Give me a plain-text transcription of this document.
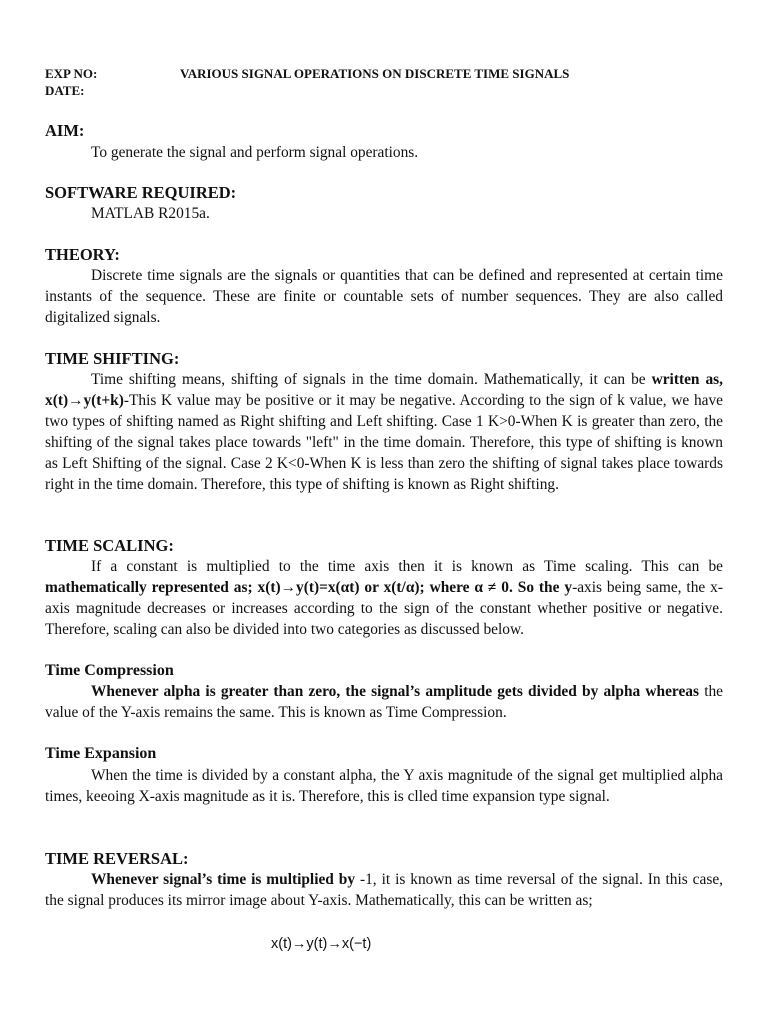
EXP NO:	VARIOUS SIGNAL OPERATIONS ON DISCRETE TIME SIGNALS
DATE:
AIM:

To generate the signal and perform signal operations.

SOFTWARE REQUIRED:

MATLAB R2015a.

THEORY:

Discrete time signals are the signals or quantities that can be defined and represented at certain time instants of the sequence. These are finite or countable sets of number sequences. They are also called digitalized signals.

TIME SHIFTING:

Time shifting means, shifting of signals in the time domain. Mathematically, it can be written as, x(t)→y(t+k)-This K value may be positive or it may be negative. According to the sign of k value, we have two types of shifting named as Right shifting and Left shifting. Case 1 K>0-When K is greater than zero, the shifting of the signal takes place towards "left" in the time domain. Therefore, this type of shifting is known as Left Shifting of the signal. Case 2 K<0-When K is less than zero the shifting of signal takes place towards right in the time domain. Therefore, this type of shifting is known as Right shifting.

TIME SCALING:

If a constant is multiplied to the time axis then it is known as Time scaling. This can be mathematically represented as; x(t)→y(t)=x(αt) or x(t/α); where α ≠ 0. So the y-axis being same, the x- axis magnitude decreases or increases according to the sign of the constant whether positive or negative. Therefore, scaling can also be divided into two categories as discussed below.

Time Compression

Whenever alpha is greater than zero, the signal’s amplitude gets divided by alpha whereas the value of the Y-axis remains the same. This is known as Time Compression.

Time Expansion

When the time is divided by a constant alpha, the Y axis magnitude of the signal get multiplied alpha times, keeoing X-axis magnitude as it is. Therefore, this is clled time expansion type signal.

TIME REVERSAL:

Whenever signal’s time is multiplied by -1, it is known as time reversal of the signal. In this case, the signal produces its mirror image about Y-axis. Mathematically, this can be written as;

x(t)→y(t)→x(−t)
